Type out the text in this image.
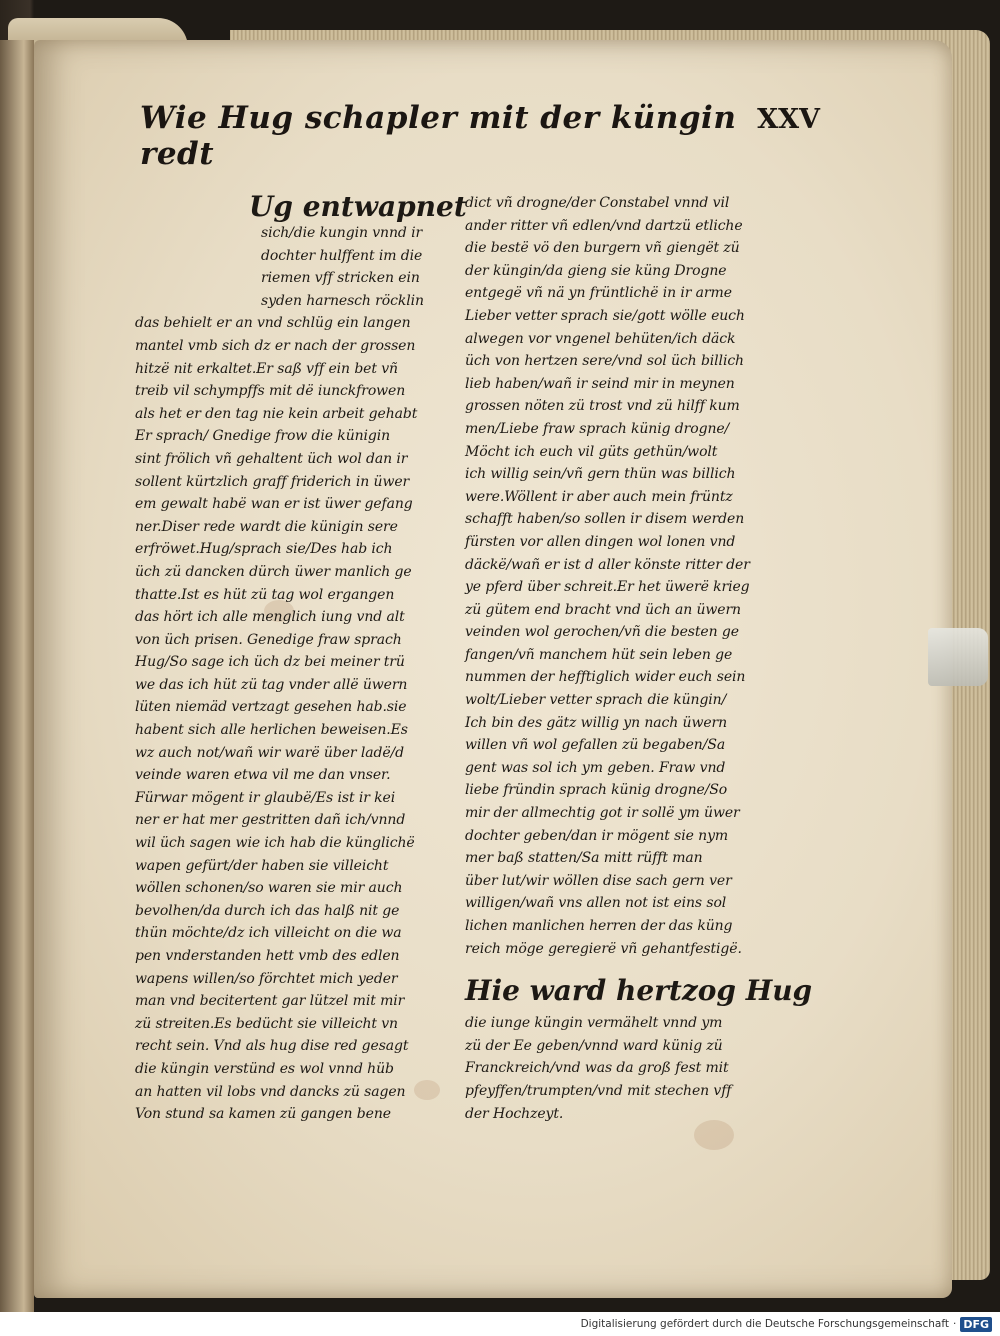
Wie Hug schapler mit der küngin redt
XXV
Ug entwapnet
sich/die kungin vnnd ir
dochter hulffent im die
riemen vff stricken ein
syden harnesch röcklin
das behielt er an vnd schlüg ein langen
mantel vmb sich dz er nach der grossen
hitzë nit erkaltet.Er saß vff ein bet vñ
treib vil schympffs mit dë iunckfrowen
als het er den tag nie kein arbeit gehabt
Er sprach/ Gnedige frow die künigin
sint frölich vñ gehaltent üch wol dan ir
sollent kürtzlich graff friderich in üwer
em gewalt habë wan er ist üwer gefang
ner.Diser rede wardt die künigin sere
erfröwet.Hug/sprach sie/Des hab ich
üch zü dancken dürch üwer manlich ge
thatte.Ist es hüt zü tag wol ergangen
das hört ich alle menglich iung vnd alt
von üch prisen. Genedige fraw sprach
Hug/So sage ich üch dz bei meiner trü
we das ich hüt zü tag vnder allë üwern
lüten niemäd vertzagt gesehen hab.sie
habent sich alle herlichen beweisen.Es
wz auch not/wañ wir warë über ladë/d
veinde waren etwa vil me dan vnser.
Fürwar mögent ir glaubë/Es ist ir kei
ner er hat mer gestritten dañ ich/vnnd
wil üch sagen wie ich hab die künglichë
wapen gefürt/der haben sie villeicht
wöllen schonen/so waren sie mir auch
bevolhen/da durch ich das halß nit ge
thün möchte/dz ich villeicht on die wa
pen vnderstanden hett vmb des edlen
wapens willen/so förchtet mich yeder
man vnd becitertent gar lützel mit mir
zü streiten.Es bedücht sie villeicht vn
recht sein. Vnd als hug dise red gesagt
die küngin verstünd es wol vnnd hüb
an hatten vil lobs vnd dancks zü sagen
Von stund sa kamen zü gangen bene
dict vñ drogne/der Constabel vnnd vil
ander ritter vñ edlen/vnd dartzü etliche
die bestë vö den burgern vñ giengët zü
der küngin/da gieng sie küng Drogne
entgegë vñ nä yn früntlichë in ir arme
Lieber vetter sprach sie/gott wölle euch
alwegen vor vngenel behüten/ich däck
üch von hertzen sere/vnd sol üch billich
lieb haben/wañ ir seind mir in meynen
grossen nöten zü trost vnd zü hilff kum
men/Liebe fraw sprach künig drogne/
Möcht ich euch vil güts gethün/wolt
ich willig sein/vñ gern thün was billich
were.Wöllent ir aber auch mein früntz
schafft haben/so sollen ir disem werden
fürsten vor allen dingen wol lonen vnd
däckë/wañ er ist d aller könste ritter der
ye pferd über schreit.Er het üwerë krieg
zü gütem end bracht vnd üch an üwern
veinden wol gerochen/vñ die besten ge
fangen/vñ manchem hüt sein leben ge
nummen der hefftiglich wider euch sein
wolt/Lieber vetter sprach die küngin/
Ich bin des gätz willig yn nach üwern
willen vñ wol gefallen zü begaben/Sa
gent was sol ich ym geben. Fraw vnd
liebe fründin sprach künig drogne/So
mir der allmechtig got ir sollë ym üwer
dochter geben/dan ir mögent sie nym
mer baß statten/Sa mitt rüfft man
über lut/wir wöllen dise sach gern ver
willigen/wañ vns allen not ist eins sol
lichen manlichen herren der das küng
reich möge geregierë vñ gehantfestigë.
Hie ward hertzog Hug
die iunge küngin vermähelt vnnd ym
zü der Ee geben/vnnd ward künig zü
Franckreich/vnd was da groß fest mit
pfeyffen/trumpten/vnd mit stechen vff
der Hochzeyt.
Digitalisierung gefördert durch die Deutsche Forschungsgemeinschaft · DFG
